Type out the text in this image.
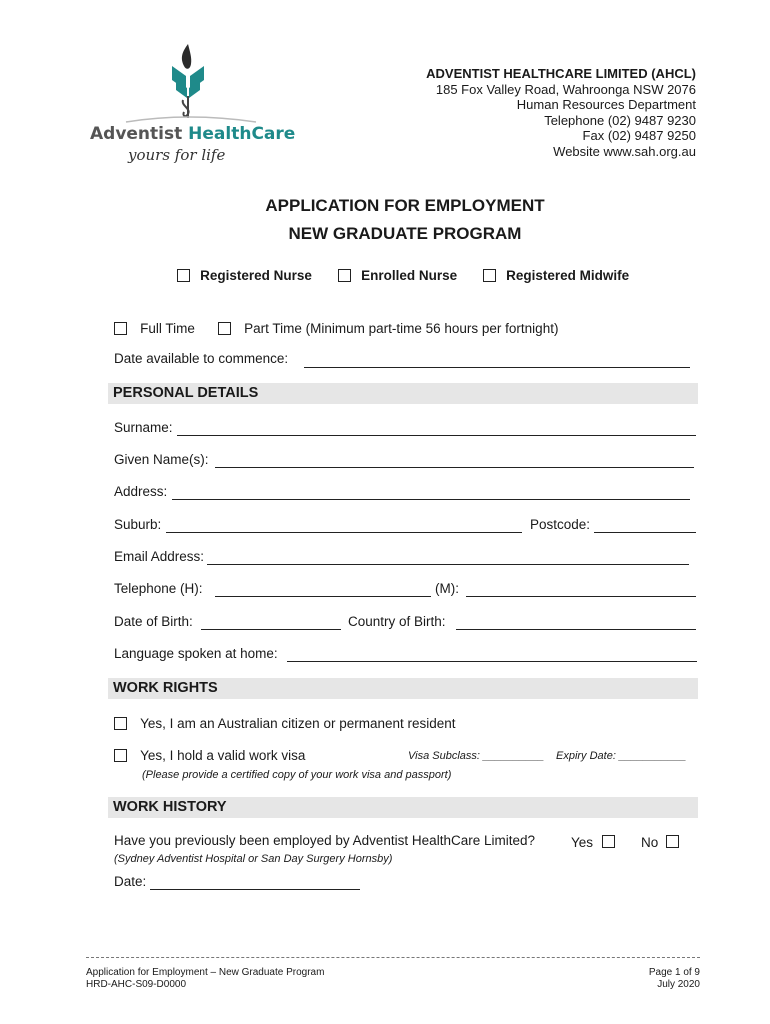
Adventist HealthCare
yours for life
ADVENTIST HEALTHCARE LIMITED (AHCL)
185 Fox Valley Road, Wahroonga NSW 2076
Human Resources Department
Telephone (02) 9487 9230
Fax (02) 9487 9250
Website www.sah.org.au
APPLICATION FOR EMPLOYMENT
NEW GRADUATE PROGRAM
Registered Nurse	Enrolled Nurse	Registered Midwife
Full Time	Part Time (Minimum part-time 56 hours per fortnight)
Date available to commence:
PERSONAL DETAILS
Surname:
Given Name(s):
Address:
Suburb:	Postcode:
Email Address:
Telephone (H):	(M):
Date of Birth:	Country of Birth:
Language spoken at home:
WORK RIGHTS
Yes, I am an Australian citizen or permanent resident
Yes, I hold a valid work visa	Visa Subclass: __________ Expiry Date: ___________
(Please provide a certified copy of your work visa and passport)
WORK HISTORY
Have you previously been employed by Adventist HealthCare Limited?	Yes	No
(Sydney Adventist Hospital or San Day Surgery Hornsby)
Date:
Application for Employment – New Graduate Program
HRD-AHC-S09-D0000
Page 1 of 9
July 2020
